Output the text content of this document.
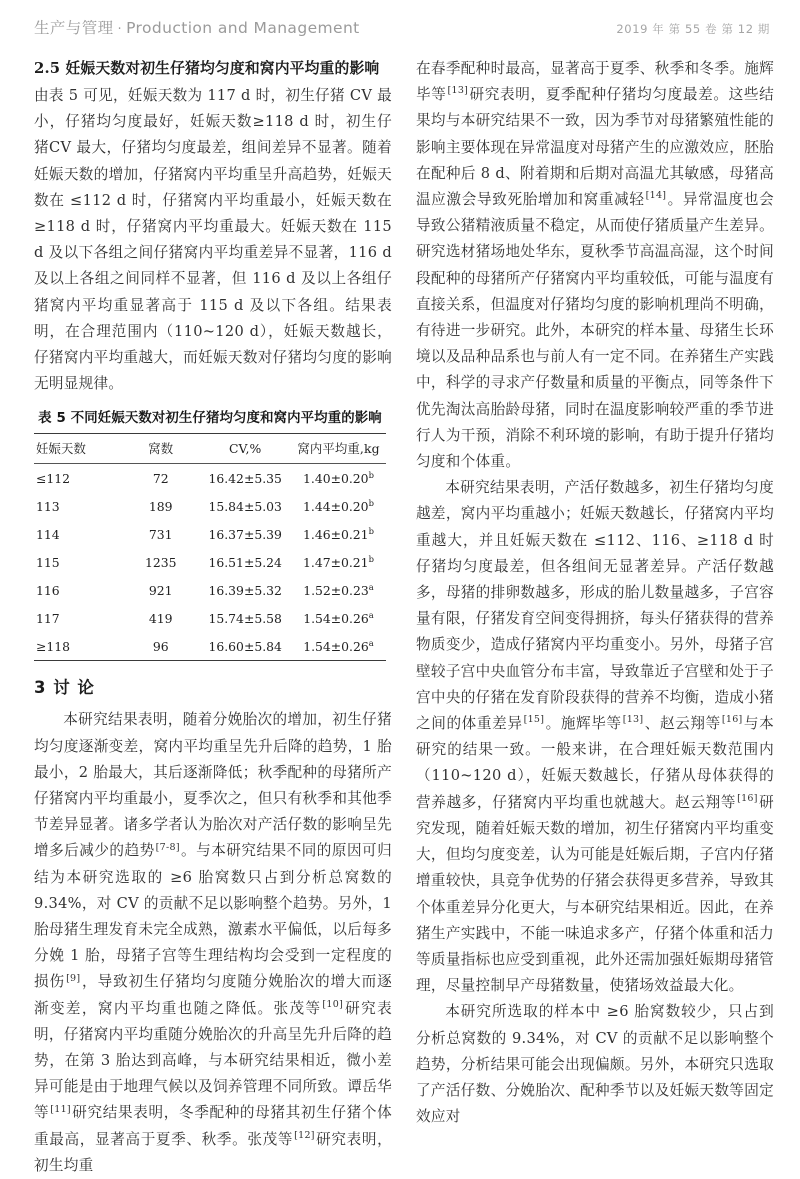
生产与管理 · Production and Management	2019 年 第 55 卷 第 12 期

2.5 妊娠天数对初生仔猪均匀度和窝内平均重的影响

由表 5 可见，妊娠天数为 117 d 时，初生仔猪 CV 最小，仔猪均匀度最好，妊娠天数≥118 d 时，初生仔猪CV 最大，仔猪均匀度最差，组间差异不显著。随着妊娠天数的增加，仔猪窝内平均重呈升高趋势，妊娠天数在 ≤112 d 时，仔猪窝内平均重最小，妊娠天数在 ≥118 d 时，仔猪窝内平均重最大。妊娠天数在 115 d 及以下各组之间仔猪窝内平均重差异不显著，116 d 及以上各组之间同样不显著，但 116 d 及以上各组仔猪窝内平均重显著高于 115 d 及以下各组。结果表明，在合理范围内（110~120 d），妊娠天数越长，仔猪窝内平均重越大，而妊娠天数对仔猪均匀度的影响无明显规律。

表 5 不同妊娠天数对初生仔猪均匀度和窝内平均重的影响
妊娠天数	窝数	CV,%	窝内平均重,kg
≤112	72	16.42±5.35	1.40±0.20$^b$
113	189	15.84±5.03	1.44±0.20$^b$
114	731	16.37±5.39	1.46±0.21$^b$
115	1235	16.51±5.24	1.47±0.21$^b$
116	921	16.39±5.32	1.52±0.23$^a$
117	419	15.74±5.58	1.54±0.26$^a$
≥118	96	16.60±5.84	1.54±0.26$^a$

3 讨 论

本研究结果表明，随着分娩胎次的增加，初生仔猪均匀度逐渐变差，窝内平均重呈先升后降的趋势，1 胎最小，2 胎最大，其后逐渐降低；秋季配种的母猪所产仔猪窝内平均重最小，夏季次之，但只有秋季和其他季节差异显著。诸多学者认为胎次对产活仔数的影响呈先增多后减少的趋势[7-8]。与本研究结果不同的原因可归结为本研究选取的 ≥6 胎窝数只占到分析总窝数的 9.34%，对 CV 的贡献不足以影响整个趋势。另外，1 胎母猪生理发育未完全成熟，激素水平偏低，以后每多分娩 1 胎，母猪子宫等生理结构均会受到一定程度的损伤[9]，导致初生仔猪均匀度随分娩胎次的增大而逐渐变差，窝内平均重也随之降低。张茂等[10]研究表明，仔猪窝内平均重随分娩胎次的升高呈先升后降的趋势，在第 3 胎达到高峰，与本研究结果相近，微小差异可能是由于地理气候以及饲养管理不同所致。谭岳华等[11]研究结果表明，冬季配种的母猪其初生仔猪个体重最高，显著高于夏季、秋季。张茂等[12]研究表明，初生均重

在春季配种时最高，显著高于夏季、秋季和冬季。施辉毕等[13]研究表明，夏季配种仔猪均匀度最差。这些结果均与本研究结果不一致，因为季节对母猪繁殖性能的影响主要体现在异常温度对母猪产生的应激效应，胚胎在配种后 8 d、附着期和后期对高温尤其敏感，母猪高温应激会导致死胎增加和窝重减轻[14]。异常温度也会导致公猪精液质量不稳定，从而使仔猪质量产生差异。研究选材猪场地处华东，夏秋季节高温高湿，这个时间段配种的母猪所产仔猪窝内平均重较低，可能与温度有直接关系，但温度对仔猪均匀度的影响机理尚不明确，有待进一步研究。此外，本研究的样本量、母猪生长环境以及品种品系也与前人有一定不同。在养猪生产实践中，科学的寻求产仔数量和质量的平衡点，同等条件下优先淘汰高胎龄母猪，同时在温度影响较严重的季节进行人为干预，消除不利环境的影响，有助于提升仔猪均匀度和个体重。

本研究结果表明，产活仔数越多，初生仔猪均匀度越差，窝内平均重越小；妊娠天数越长，仔猪窝内平均重越大，并且妊娠天数在 ≤112、116、≥118 d 时仔猪均匀度最差，但各组间无显著差异。产活仔数越多，母猪的排卵数越多，形成的胎儿数量越多，子宫容量有限，仔猪发育空间变得拥挤，每头仔猪获得的营养物质变少，造成仔猪窝内平均重变小。另外，母猪子宫壁较子宫中央血管分布丰富，导致靠近子宫壁和处于子宫中央的仔猪在发育阶段获得的营养不均衡，造成小猪之间的体重差异[15]。施辉毕等[13]、赵云翔等[16]与本研究的结果一致。一般来讲，在合理妊娠天数范围内（110~120 d），妊娠天数越长，仔猪从母体获得的营养越多，仔猪窝内平均重也就越大。赵云翔等[16]研究发现，随着妊娠天数的增加，初生仔猪窝内平均重变大，但均匀度变差，认为可能是妊娠后期，子宫内仔猪增重较快，具竞争优势的仔猪会获得更多营养，导致其个体重差异分化更大，与本研究结果相近。因此，在养猪生产实践中，不能一味追求多产，仔猪个体重和活力等质量指标也应受到重视，此外还需加强妊娠期母猪管理，尽量控制早产母猪数量，使猪场效益最大化。

本研究所选取的样本中 ≥6 胎窝数较少，只占到分析总窝数的 9.34%，对 CV 的贡献不足以影响整个趋势，分析结果可能会出现偏颇。另外，本研究只选取了产活仔数、分娩胎次、配种季节以及妊娠天数等固定效应对
